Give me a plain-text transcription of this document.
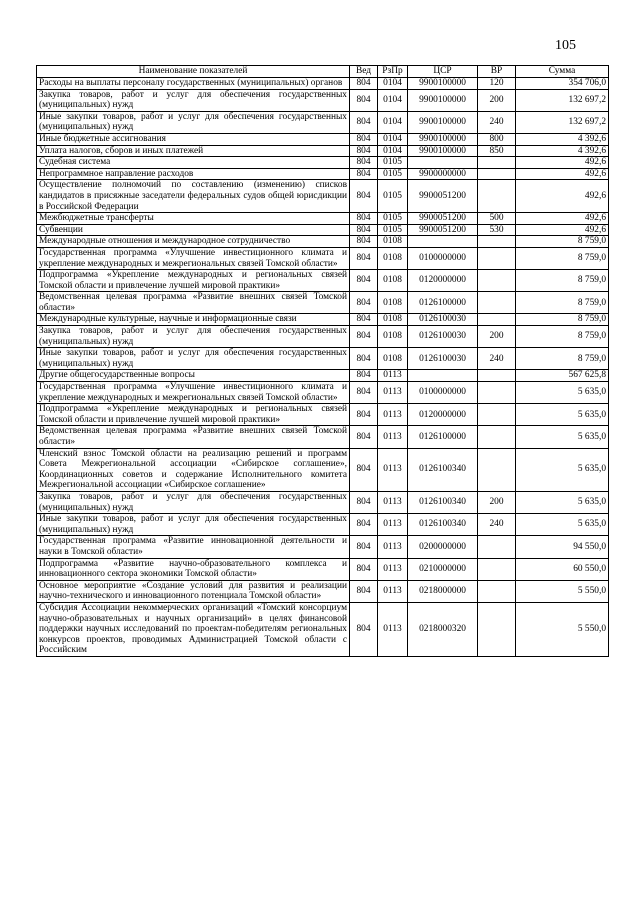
105
Наименование показателей	Вед	РзПр	ЦСР	ВР	Сумма
Расходы на выплаты персоналу государственных (муниципальных) органов	804	0104	9900100000	120	354 706,0
Закупка товаров, работ и услуг для обеспечения государственных (муниципальных) нужд	804	0104	9900100000	200	132 697,2
Иные закупки товаров, работ и услуг для обеспечения государственных (муниципальных) нужд	804	0104	9900100000	240	132 697,2
Иные бюджетные ассигнования	804	0104	9900100000	800	4 392,6
Уплата налогов, сборов и иных платежей	804	0104	9900100000	850	4 392,6
Судебная система	804	0105			492,6
Непрограммное направление расходов	804	0105	9900000000		492,6
Осуществление полномочий по составлению (изменению) списков кандидатов в присяжные заседатели федеральных судов общей юрисдикции в Российской Федерации	804	0105	9900051200		492,6
Межбюджетные трансферты	804	0105	9900051200	500	492,6
Субвенции	804	0105	9900051200	530	492,6
Международные отношения и международное сотрудничество	804	0108			8 759,0
Государственная программа «Улучшение инвестиционного климата и укрепление международных и межрегиональных связей Томской области»	804	0108	0100000000		8 759,0
Подпрограмма «Укрепление международных и региональных связей Томской области и привлечение лучшей мировой практики»	804	0108	0120000000		8 759,0
Ведомственная целевая программа «Развитие внешних связей Томской области»	804	0108	0126100000		8 759,0
Международные культурные, научные и информационные связи	804	0108	0126100030		8 759,0
Закупка товаров, работ и услуг для обеспечения государственных (муниципальных) нужд	804	0108	0126100030	200	8 759,0
Иные закупки товаров, работ и услуг для обеспечения государственных (муниципальных) нужд	804	0108	0126100030	240	8 759,0
Другие общегосударственные вопросы	804	0113			567 625,8
Государственная программа «Улучшение инвестиционного климата и укрепление международных и межрегиональных связей Томской области»	804	0113	0100000000		5 635,0
Подпрограмма «Укрепление международных и региональных связей Томской области и привлечение лучшей мировой практики»	804	0113	0120000000		5 635,0
Ведомственная целевая программа «Развитие внешних связей Томской области»	804	0113	0126100000		5 635,0
Членский взнос Томской области на реализацию решений и программ Совета Межрегиональной ассоциации «Сибирское соглашение», Координационных советов и содержание Исполнительного комитета Межрегиональной ассоциации «Сибирское соглашение»	804	0113	0126100340		5 635,0
Закупка товаров, работ и услуг для обеспечения государственных (муниципальных) нужд	804	0113	0126100340	200	5 635,0
Иные закупки товаров, работ и услуг для обеспечения государственных (муниципальных) нужд	804	0113	0126100340	240	5 635,0
Государственная программа «Развитие инновационной деятельности и науки в Томской области»	804	0113	0200000000		94 550,0
Подпрограмма «Развитие научно-образовательного комплекса и инновационного сектора экономики Томской области»	804	0113	0210000000		60 550,0
Основное мероприятие «Создание условий для развития и реализации научно-технического и инновационного потенциала Томской области»	804	0113	0218000000		5 550,0
Субсидия Ассоциации некоммерческих организаций «Томский консорциум научно-образовательных и научных организаций» в целях финансовой поддержки научных исследований по проектам-победителям региональных конкурсов проектов, проводимых Администрацией Томской области с Российским	804	0113	0218000320		5 550,0
